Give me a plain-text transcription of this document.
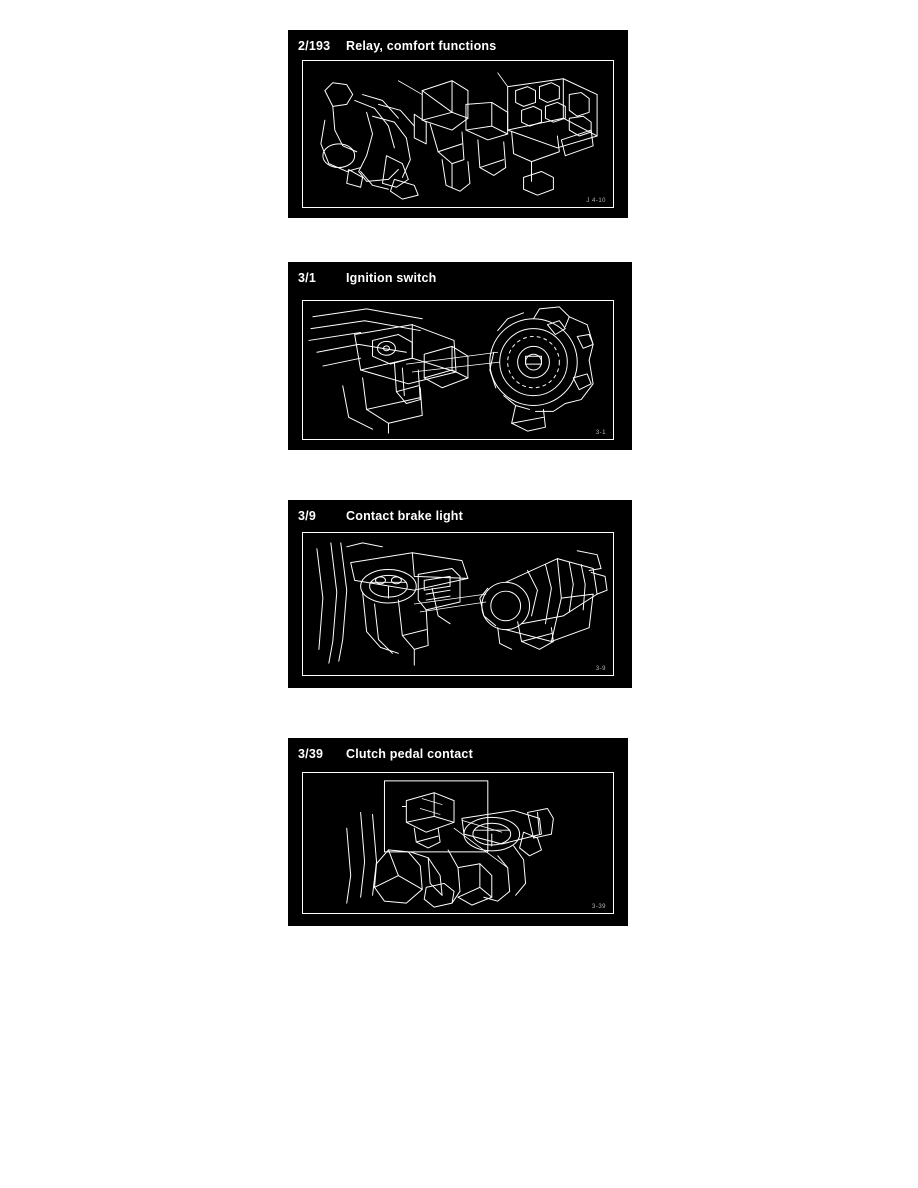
2/193	Relay, comfort functions
J 4-10
3/1	Ignition switch
3-1
3/9	Contact brake light
3-9
3/39	Clutch pedal contact
3-39
